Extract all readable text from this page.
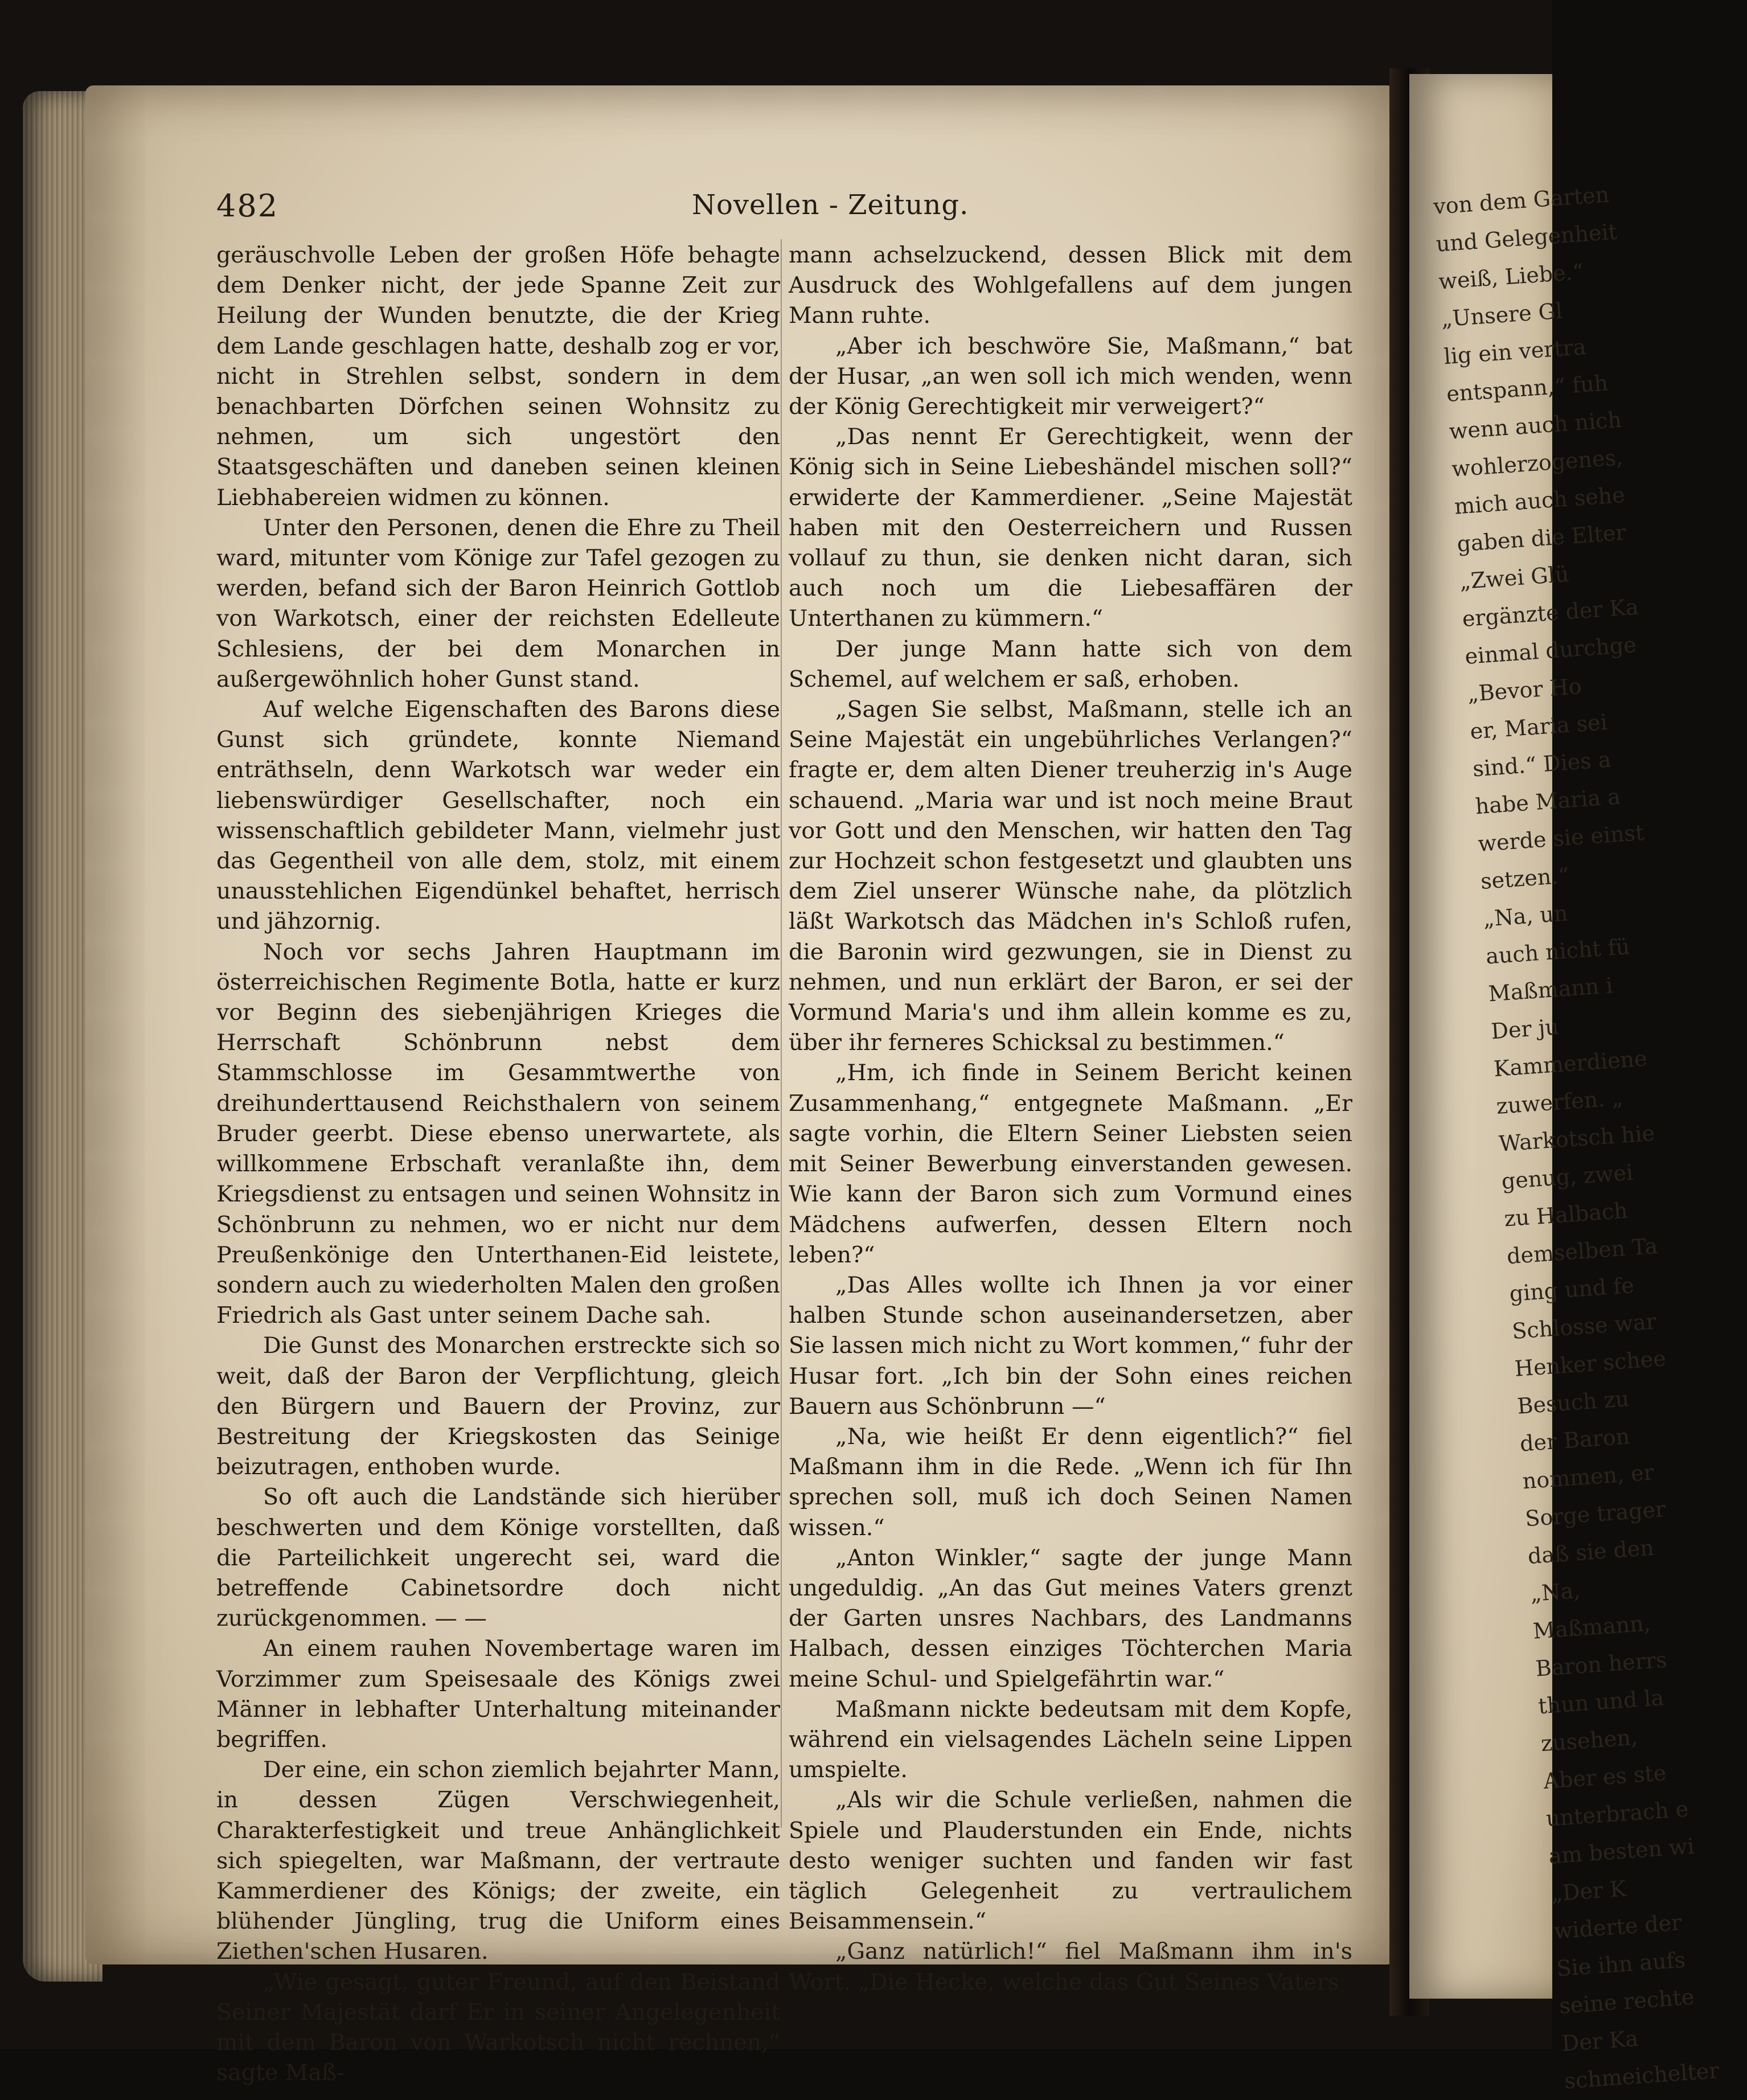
von dem Garten
und Gelegenheit
weiß, Liebe.“
„Unsere Gl
lig ein vertra
entspann,“ fuh
wenn auch nich
wohlerzogenes,
mich auch sehe
gaben die Elter
„Zwei Glü
ergänzte der Ka
einmal durchge
„Bevor Ho
er, Maria sei
sind.“ Dies a
habe Maria a
werde sie einst
setzen.“
„Na, un
auch nicht fü
Maßmann i
Der ju
Kammerdiene
zuwerfen. „
Warkotsch hie
genug, zwei
zu Halbach
demselben Ta
ging und fe
Schlosse war
Henker schee
Besuch zu
der Baron
nommen, er
Sorge trager
daß sie den
„Na,
Maßmann,
Baron herrs
thun und la
zusehen,
Aber es ste
unterbrach e
am besten wi
„Der K
widerte der
Sie ihn aufs
seine rechte
Der Ka
schmeichelter
482	Novellen - Zeitung.

geräuschvolle Leben der großen Höfe behagte dem Denker nicht, der jede Spanne Zeit zur Heilung der Wunden benutzte, die der Krieg dem Lande geschlagen hatte, deshalb zog er vor, nicht in Strehlen selbst, sondern in dem benachbarten Dörfchen seinen Wohnsitz zu nehmen, um sich ungestört den Staatsgeschäften und daneben seinen kleinen Liebhabereien widmen zu können.

Unter den Personen, denen die Ehre zu Theil ward, mitunter vom Könige zur Tafel gezogen zu werden, befand sich der Baron Heinrich Gottlob von Warkotsch, einer der reichsten Edelleute Schlesiens, der bei dem Monarchen in außergewöhnlich hoher Gunst stand.

Auf welche Eigenschaften des Barons diese Gunst sich gründete, konnte Niemand enträthseln, denn Warkotsch war weder ein liebenswürdiger Gesellschafter, noch ein wissenschaftlich gebildeter Mann, vielmehr just das Gegentheil von alle dem, stolz, mit einem unausstehlichen Eigendünkel behaftet, herrisch und jähzornig.

Noch vor sechs Jahren Hauptmann im österreichischen Regimente Botla, hatte er kurz vor Beginn des siebenjährigen Krieges die Herrschaft Schönbrunn nebst dem Stammschlosse im Gesammtwerthe von dreihunderttausend Reichsthalern von seinem Bruder geerbt. Diese ebenso unerwartete, als willkommene Erbschaft veranlaßte ihn, dem Kriegsdienst zu entsagen und seinen Wohnsitz in Schönbrunn zu nehmen, wo er nicht nur dem Preußenkönige den Unterthanen-Eid leistete, sondern auch zu wiederholten Malen den großen Friedrich als Gast unter seinem Dache sah.

Die Gunst des Monarchen erstreckte sich so weit, daß der Baron der Verpflichtung, gleich den Bürgern und Bauern der Provinz, zur Bestreitung der Kriegskosten das Seinige beizutragen, enthoben wurde.

So oft auch die Landstände sich hierüber beschwerten und dem Könige vorstellten, daß die Parteilichkeit ungerecht sei, ward die betreffende Cabinetsordre doch nicht zurückgenommen. — —

An einem rauhen Novembertage waren im Vorzimmer zum Speisesaale des Königs zwei Männer in lebhafter Unterhaltung miteinander begriffen.

Der eine, ein schon ziemlich bejahrter Mann, in dessen Zügen Verschwiegenheit, Charakterfestigkeit und treue Anhänglichkeit sich spiegelten, war Maßmann, der vertraute Kammerdiener des Königs; der zweite, ein blühender Jüngling, trug die Uniform eines Ziethen'schen Husaren.

„Wie gesagt, guter Freund, auf den Beistand Seiner Majestät darf Er in seiner Angelegenheit mit dem Baron von Warkotsch nicht rechnen,“ sagte Maß-

mann achselzuckend, dessen Blick mit dem Ausdruck des Wohlgefallens auf dem jungen Mann ruhte.

„Aber ich beschwöre Sie, Maßmann,“ bat der Husar, „an wen soll ich mich wenden, wenn der König Gerechtigkeit mir verweigert?“

„Das nennt Er Gerechtigkeit, wenn der König sich in Seine Liebeshändel mischen soll?“ erwiderte der Kammerdiener. „Seine Majestät haben mit den Oesterreichern und Russen vollauf zu thun, sie denken nicht daran, sich auch noch um die Liebesaffären der Unterthanen zu kümmern.“

Der junge Mann hatte sich von dem Schemel, auf welchem er saß, erhoben.

„Sagen Sie selbst, Maßmann, stelle ich an Seine Majestät ein ungebührliches Verlangen?“ fragte er, dem alten Diener treuherzig in's Auge schauend. „Maria war und ist noch meine Braut vor Gott und den Menschen, wir hatten den Tag zur Hochzeit schon festgesetzt und glaubten uns dem Ziel unserer Wünsche nahe, da plötzlich läßt Warkotsch das Mädchen in's Schloß rufen, die Baronin wird gezwungen, sie in Dienst zu nehmen, und nun erklärt der Baron, er sei der Vormund Maria's und ihm allein komme es zu, über ihr ferneres Schicksal zu bestimmen.“

„Hm, ich finde in Seinem Bericht keinen Zusammenhang,“ entgegnete Maßmann. „Er sagte vorhin, die Eltern Seiner Liebsten seien mit Seiner Bewerbung einverstanden gewesen. Wie kann der Baron sich zum Vormund eines Mädchens aufwerfen, dessen Eltern noch leben?“

„Das Alles wollte ich Ihnen ja vor einer halben Stunde schon auseinandersetzen, aber Sie lassen mich nicht zu Wort kommen,“ fuhr der Husar fort. „Ich bin der Sohn eines reichen Bauern aus Schönbrunn —“

„Na, wie heißt Er denn eigentlich?“ fiel Maßmann ihm in die Rede. „Wenn ich für Ihn sprechen soll, muß ich doch Seinen Namen wissen.“

„Anton Winkler,“ sagte der junge Mann ungeduldig. „An das Gut meines Vaters grenzt der Garten unsres Nachbars, des Landmanns Halbach, dessen einziges Töchterchen Maria meine Schul- und Spielgefährtin war.“

Maßmann nickte bedeutsam mit dem Kopfe, während ein vielsagendes Lächeln seine Lippen umspielte.

„Als wir die Schule verließen, nahmen die Spiele und Plauderstunden ein Ende, nichts desto weniger suchten und fanden wir fast täglich Gelegenheit zu vertraulichem Beisammensein.“

„Ganz natürlich!“ fiel Maßmann ihm in's Wort. „Die Hecke, welche das Gut Seines Vaters
